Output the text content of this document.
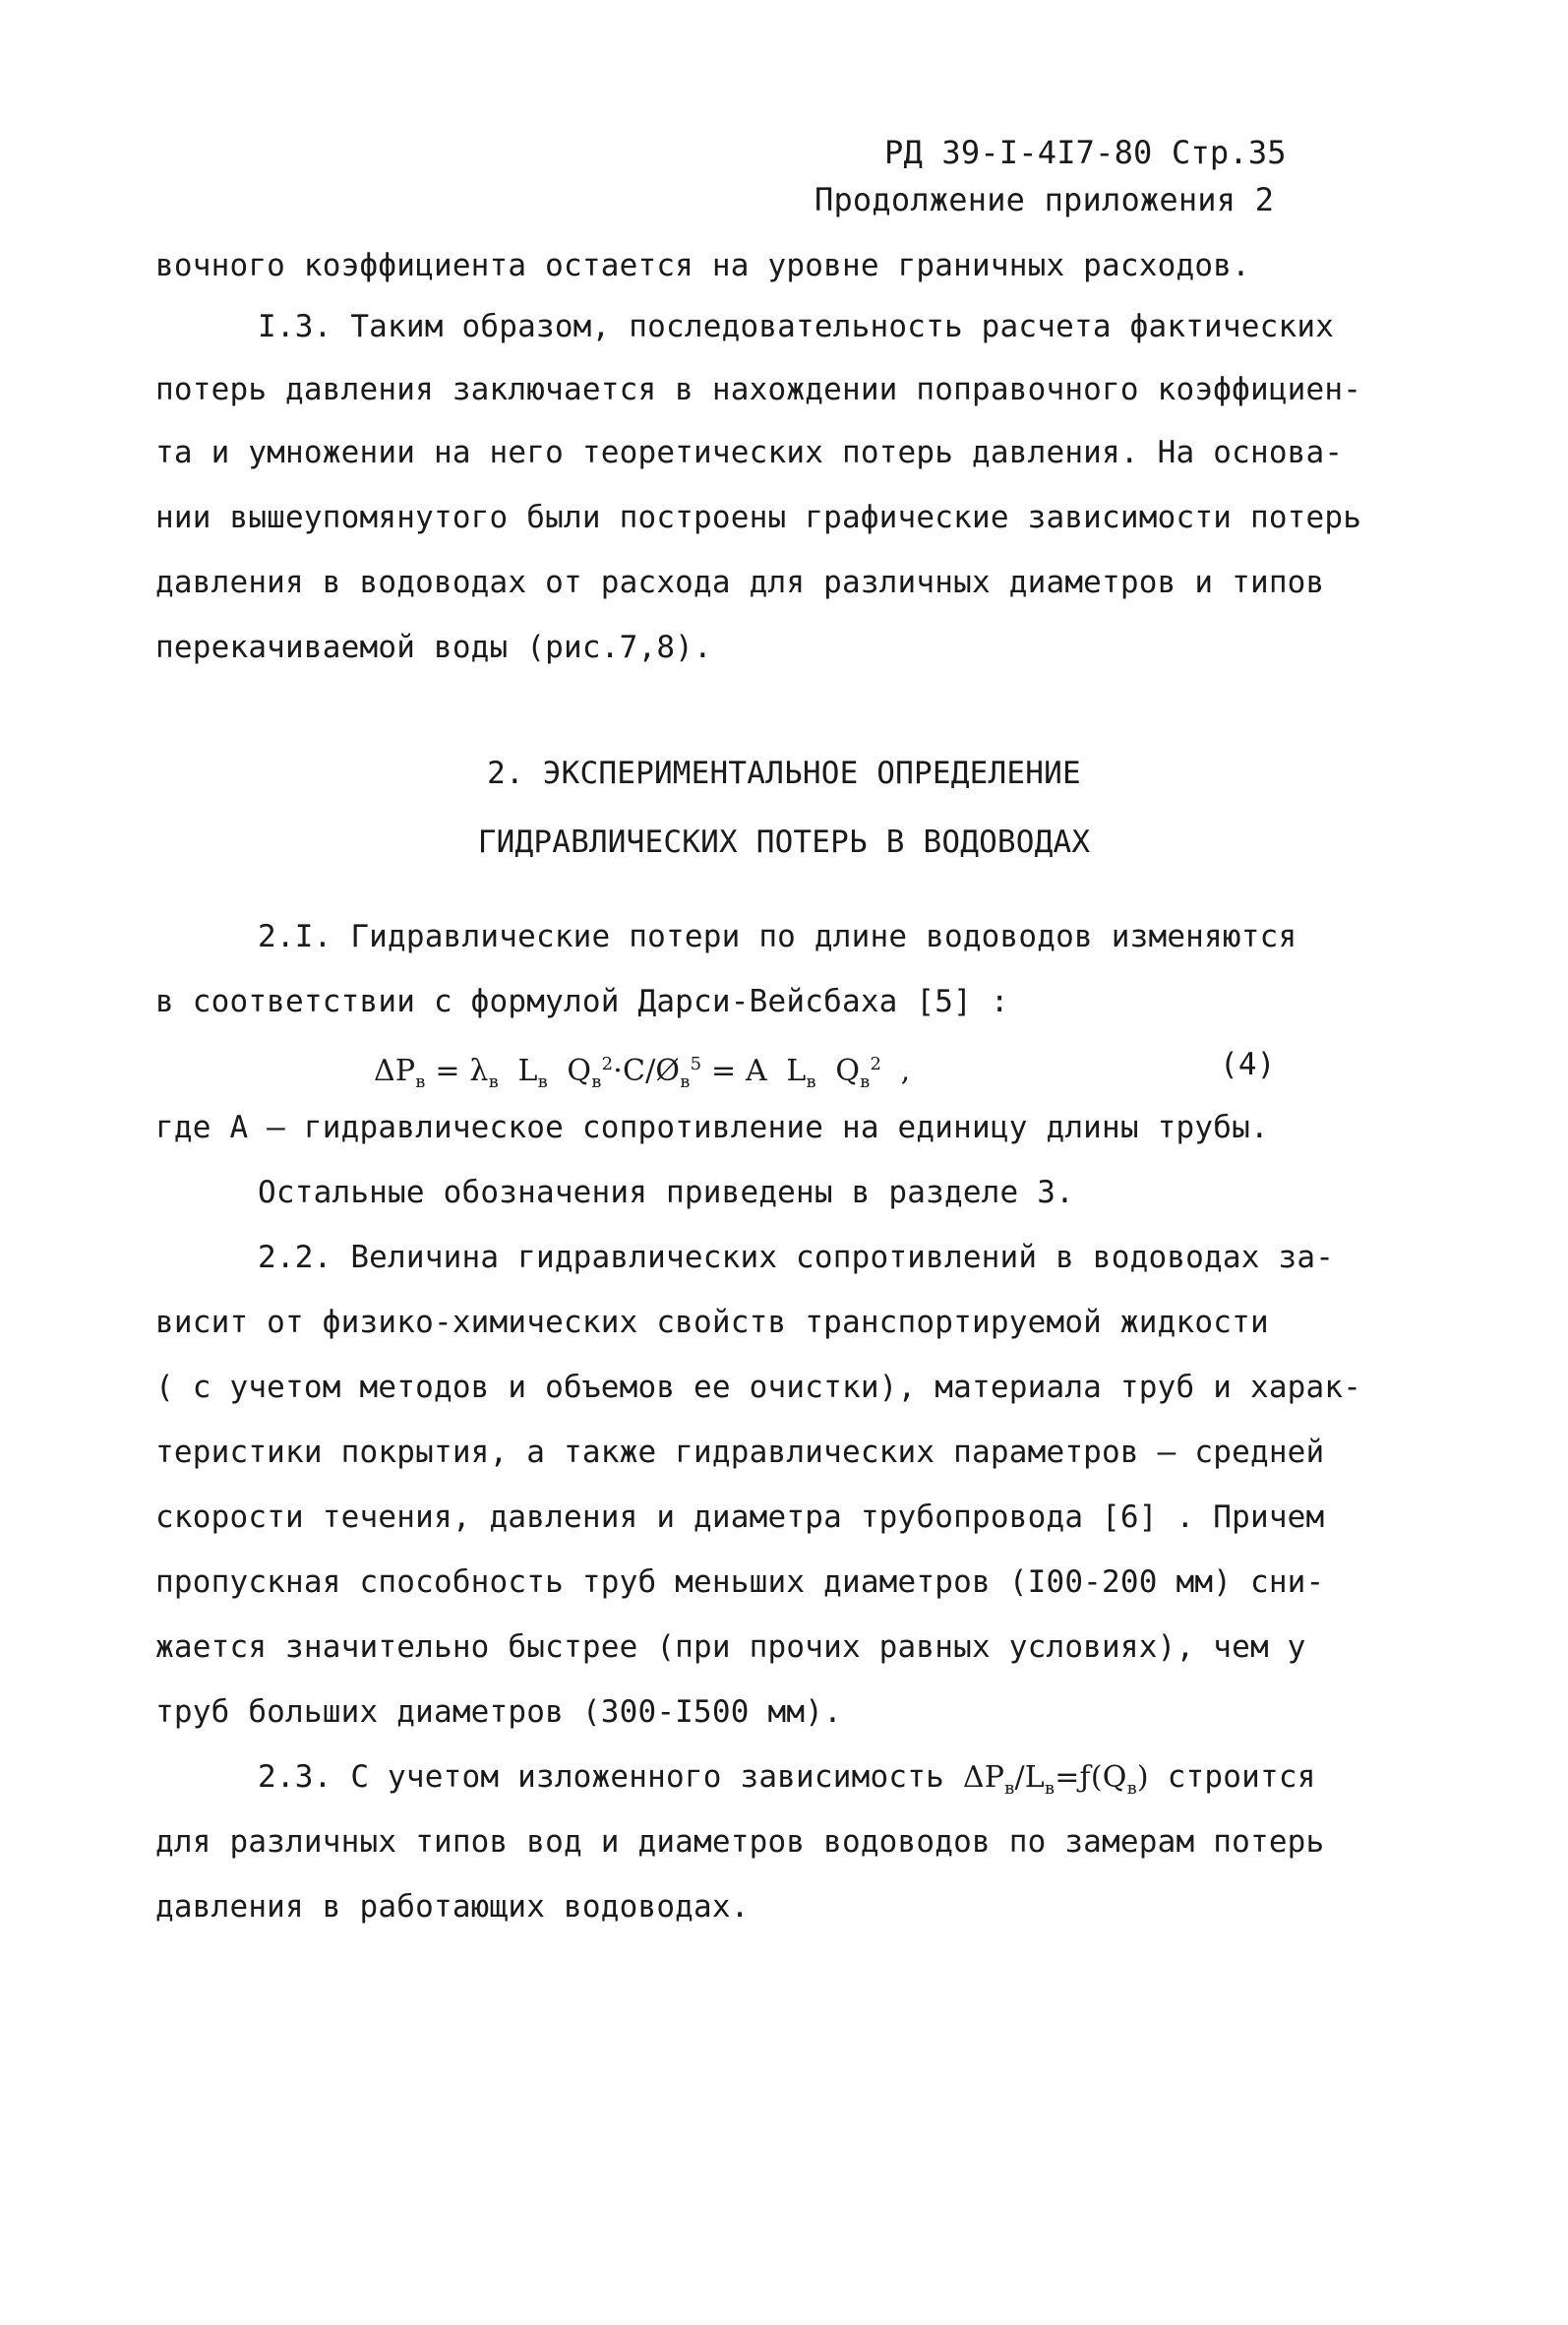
РД 39-I-4I7-80 Стр.35
Продолжение приложения 2
вочного коэффициента остается на уровне граничных расходов.
I.3. Таким образом, последовательность расчета фактических
потерь давления заключается в нахождении поправочного коэффициен-
та и умножении на него теоретических потерь давления. На основа-
нии вышеупомянутого были построены графические зависимости потерь
давления в водоводах от расхода для различных диаметров и типов
перекачиваемой воды (рис.7,8).
2. ЭКСПЕРИМЕНТАЛЬНОЕ ОПРЕДЕЛЕНИЕ
ГИДРАВЛИЧЕСКИХ ПОТЕРЬ В ВОДОВОДАХ
2.I. Гидравлические потери по длине водоводов изменяются
в соответствии с формулой Дарси-Вейсбаха [5] :
$\Delta P_в = \lambda_в$  $L_в$  $Q_в^2\cdot C/Ø_в^5 = A$  $L_в$  $Q_в^2$  ,	(4)
где А – гидравлическое сопротивление на единицу длины трубы.
Остальные обозначения приведены в разделе 3.
2.2. Величина гидравлических сопротивлений в водоводах за-
висит от физико-химических свойств транспортируемой жидкости
( с учетом методов и объемов ее очистки), материала труб и харак-
теристики покрытия, а также гидравлических параметров – средней
скорости течения, давления и диаметра трубопровода [6] . Причем
пропускная способность труб меньших диаметров (I00-200 мм) сни-
жается значительно быстрее (при прочих равных условиях), чем у
труб больших диаметров (300-I500 мм).
2.3. С учетом изложенного зависимость $\Delta P_в/L_в=ƒ(Q_в)$ строится
для различных типов вод и диаметров водоводов по замерам потерь
давления в работающих водоводах.
